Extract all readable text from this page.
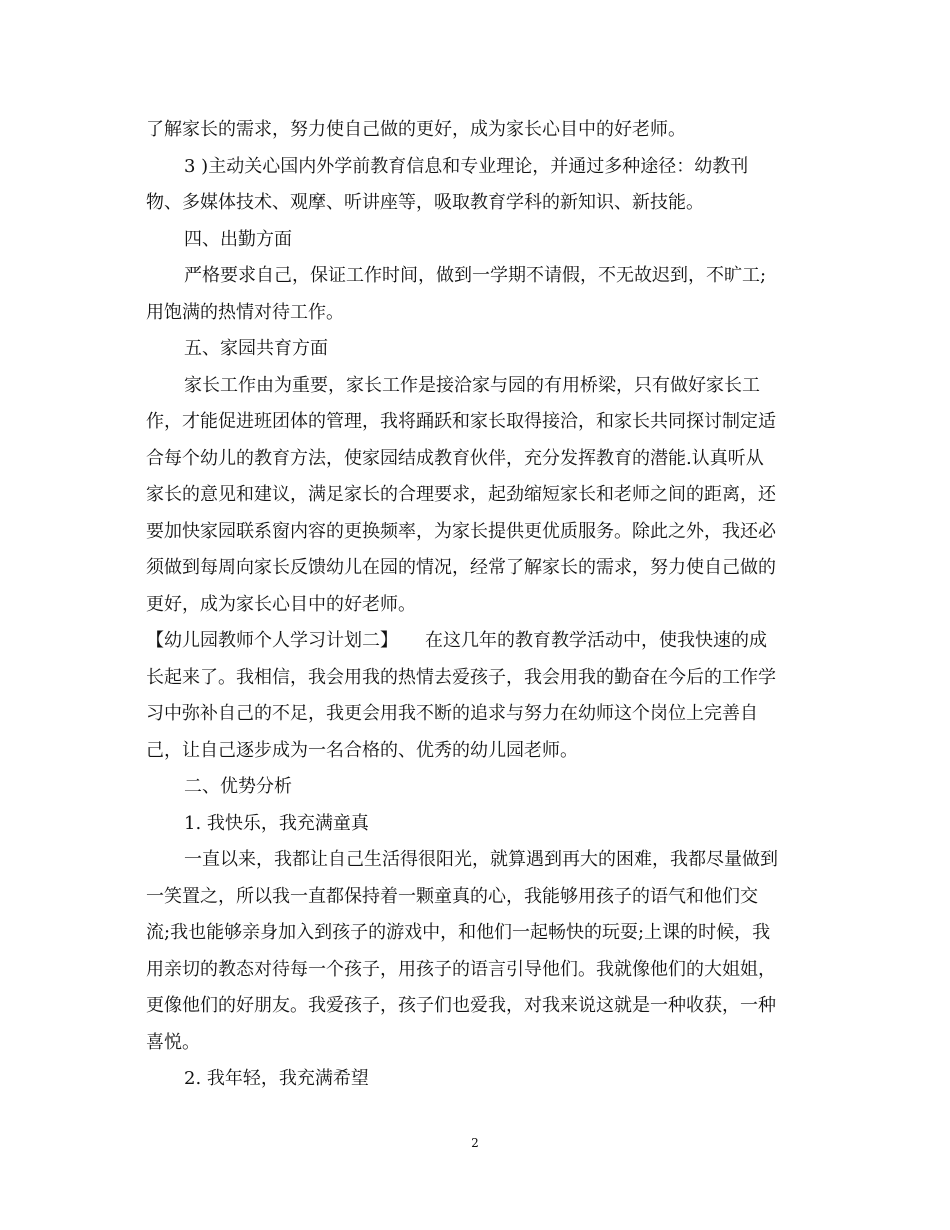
了解家长的需求，努力使自己做的更好，成为家长心目中的好老师。

3 )主动关心国内外学前教育信息和专业理论，并通过多种途径：幼教刊

物、多媒体技术、观摩、听讲座等，吸取教育学科的新知识、新技能。

四、出勤方面

严格要求自己，保证工作时间，做到一学期不请假，不无故迟到，不旷工;

用饱满的热情对待工作。

五、家园共育方面

家长工作由为重要，家长工作是接洽家与园的有用桥梁，只有做好家长工

作，才能促进班团体的管理，我将踊跃和家长取得接洽，和家长共同探讨制定适

合每个幼儿的教育方法，使家园结成教育伙伴，充分发挥教育的潜能.认真听从

家长的意见和建议，满足家长的合理要求，起劲缩短家长和老师之间的距离，还

要加快家园联系窗内容的更换频率，为家长提供更优质服务。除此之外，我还必

须做到每周向家长反馈幼儿在园的情况，经常了解家长的需求，努力使自己做的

更好，成为家长心目中的好老师。

【幼儿园教师个人学习计划二】　　在这几年的教育教学活动中，使我快速的成

长起来了。我相信，我会用我的热情去爱孩子，我会用我的勤奋在今后的工作学

习中弥补自己的不足，我更会用我不断的追求与努力在幼师这个岗位上完善自

己，让自己逐步成为一名合格的、优秀的幼儿园老师。

二、优势分析

1. 我快乐，我充满童真

一直以来，我都让自己生活得很阳光，就算遇到再大的困难，我都尽量做到

一笑置之，所以我一直都保持着一颗童真的心，我能够用孩子的语气和他们交

流;我也能够亲身加入到孩子的游戏中，和他们一起畅快的玩耍;上课的时候，我

用亲切的教态对待每一个孩子，用孩子的语言引导他们。我就像他们的大姐姐，

更像他们的好朋友。我爱孩子，孩子们也爱我，对我来说这就是一种收获，一种

喜悦。

2. 我年轻，我充满希望

2
